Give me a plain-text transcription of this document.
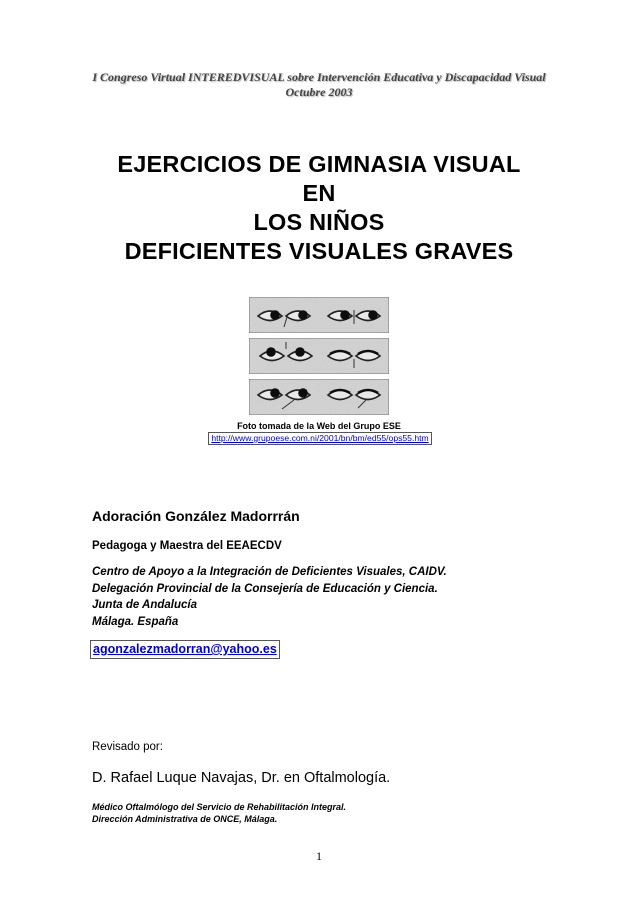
I Congreso Virtual INTEREDVISUAL sobre Intervención Educativa y Discapacidad Visual
Octubre 2003
EJERCICIOS DE GIMNASIA VISUAL
EN
LOS NIÑOS
DEFICIENTES VISUALES GRAVES
Foto tomada de la Web del Grupo ESE
http://www.grupoese.com.ni/2001/bn/bm/ed55/ops55.htm
Adoración González Madorrrán
Pedagoga y Maestra del EEAECDV
Centro de Apoyo a la Integración de Deficientes Visuales, CAIDV.
Delegación Provincial de la Consejería de Educación y Ciencia.
Junta de Andalucía
Málaga. España
agonzalezmadorran@yahoo.es
Revisado por:
D. Rafael Luque Navajas, Dr. en Oftalmología.
Médico Oftalmólogo del Servicio de Rehabilitación Integral.
Dirección Administrativa de ONCE, Málaga.
1
